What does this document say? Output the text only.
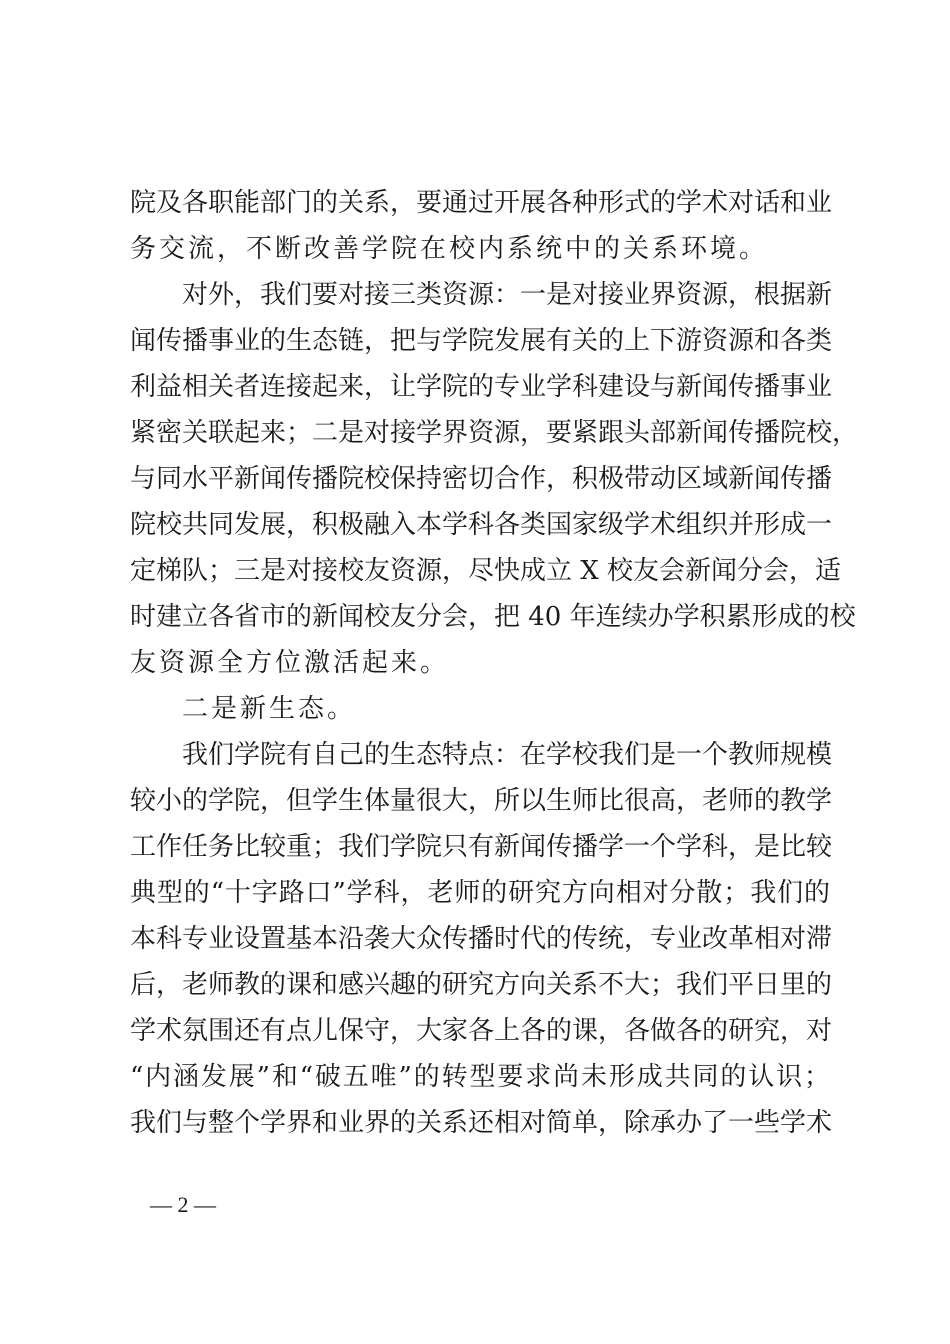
院及各职能部门的关系，要通过开展各种形式的学术对话和业
务交流，不断改善学院在校内系统中的关系环境。
对外，我们要对接三类资源：一是对接业界资源，根据新
闻传播事业的生态链，把与学院发展有关的上下游资源和各类
利益相关者连接起来，让学院的专业学科建设与新闻传播事业
紧密关联起来；二是对接学界资源，要紧跟头部新闻传播院校，
与同水平新闻传播院校保持密切合作，积极带动区域新闻传播
院校共同发展，积极融入本学科各类国家级学术组织并形成一
定梯队；三是对接校友资源，尽快成立 X 校友会新闻分会，适
时建立各省市的新闻校友分会，把 40 年连续办学积累形成的校
友资源全方位激活起来。
二是新生态。
我们学院有自己的生态特点：在学校我们是一个教师规模
较小的学院，但学生体量很大，所以生师比很高，老师的教学
工作任务比较重；我们学院只有新闻传播学一个学科，是比较
典型的“十字路口”学科，老师的研究方向相对分散；我们的
本科专业设置基本沿袭大众传播时代的传统，专业改革相对滞
后，老师教的课和感兴趣的研究方向关系不大；我们平日里的
学术氛围还有点儿保守，大家各上各的课，各做各的研究，对
“内涵发展”和“破五唯”的转型要求尚未形成共同的认识；
我们与整个学界和业界的关系还相对简单，除承办了一些学术
— 2 —
